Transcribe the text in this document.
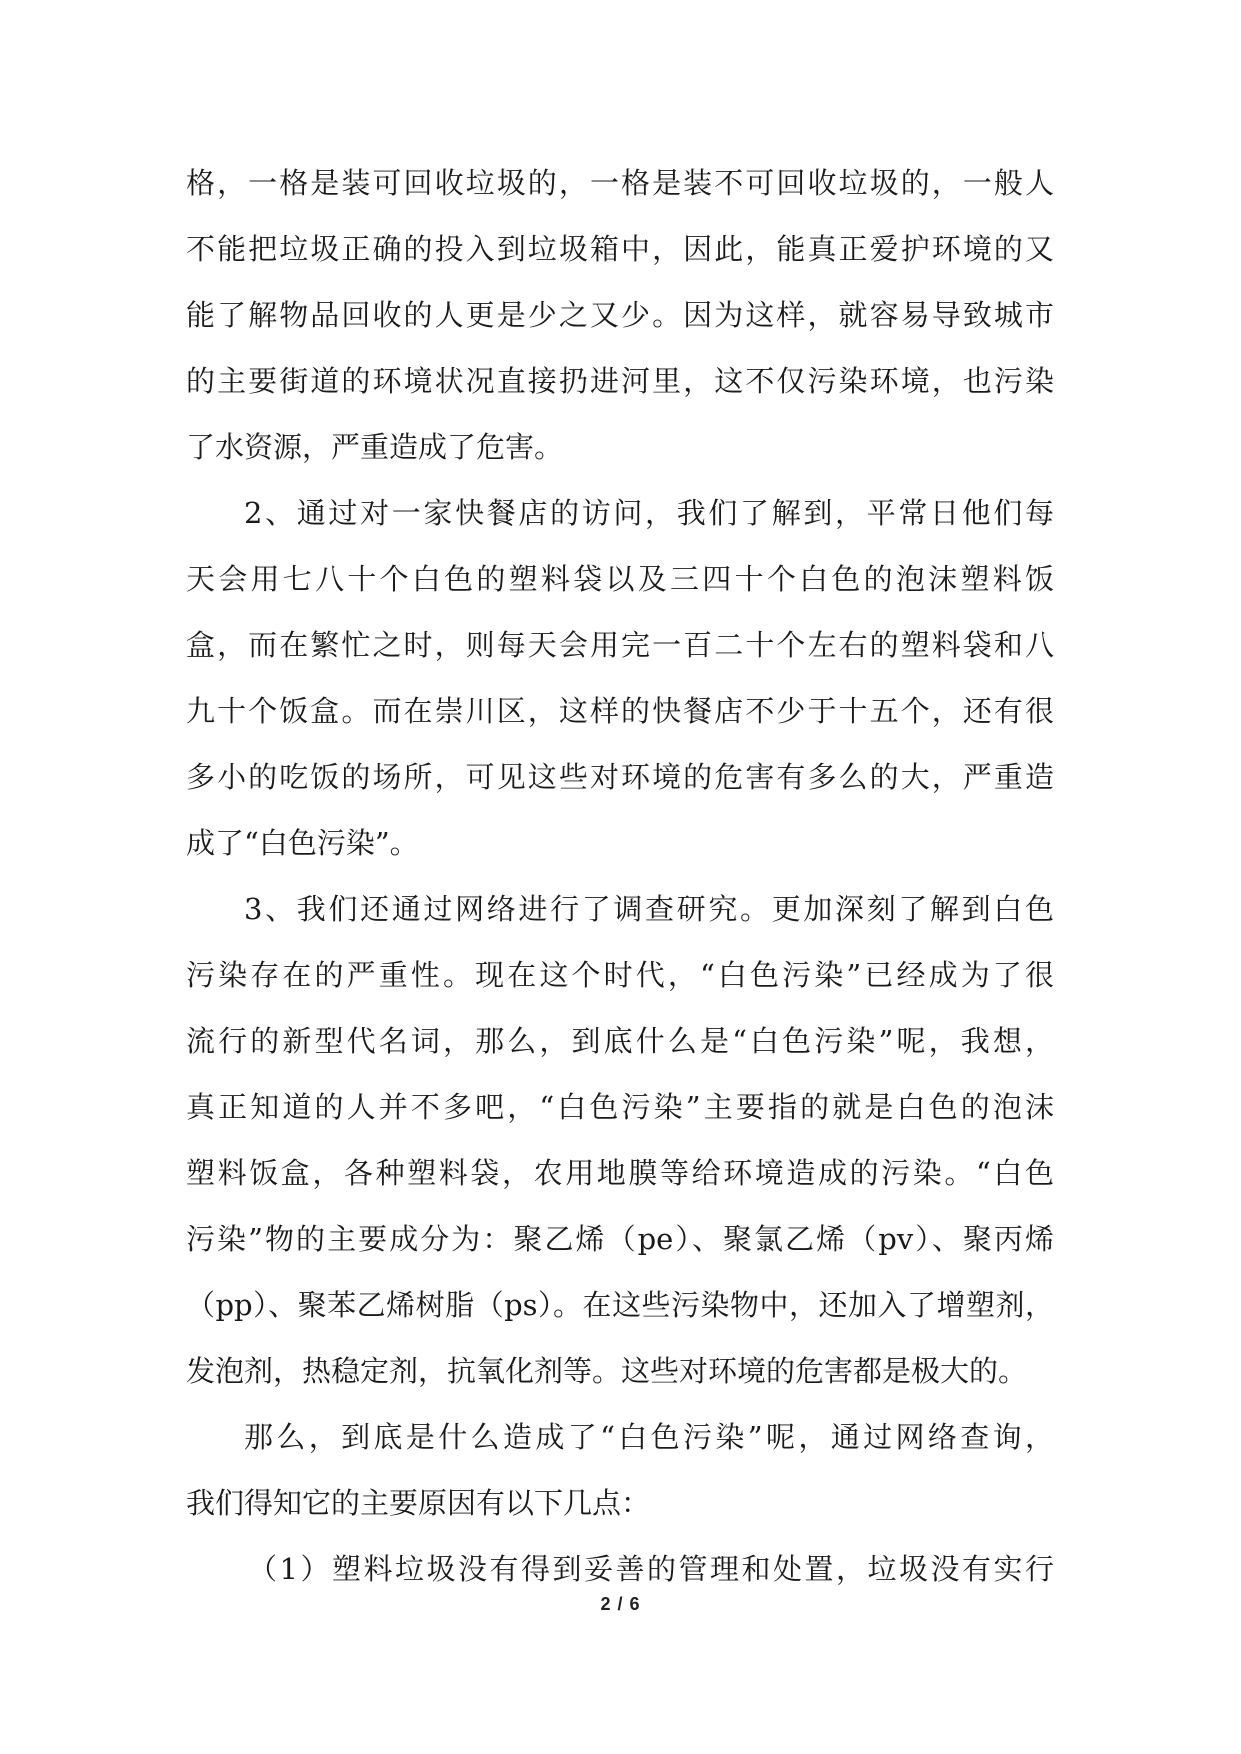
格，一格是装可回收垃圾的，一格是装不可回收垃圾的，一般人
不能把垃圾正确的投入到垃圾箱中，因此，能真正爱护环境的又
能了解物品回收的人更是少之又少。因为这样，就容易导致城市
的主要街道的环境状况直接扔进河里，这不仅污染环境，也污染
了水资源，严重造成了危害。
2、通过对一家快餐店的访问，我们了解到，平常日他们每
天会用七八十个白色的塑料袋以及三四十个白色的泡沫塑料饭
盒，而在繁忙之时，则每天会用完一百二十个左右的塑料袋和八
九十个饭盒。而在崇川区，这样的快餐店不少于十五个，还有很
多小的吃饭的场所，可见这些对环境的危害有多么的大，严重造
成了“白色污染”。
3、我们还通过网络进行了调查研究。更加深刻了解到白色
污染存在的严重性。现在这个时代，“白色污染”已经成为了很
流行的新型代名词，那么，到底什么是“白色污染”呢，我想，
真正知道的人并不多吧，“白色污染”主要指的就是白色的泡沫
塑料饭盒，各种塑料袋，农用地膜等给环境造成的污染。“白色
污染”物的主要成分为：聚乙烯（pe）、聚氯乙烯（pv）、聚丙烯
（pp）、聚苯乙烯树脂（ps）。在这些污染物中，还加入了增塑剂，
发泡剂，热稳定剂，抗氧化剂等。这些对环境的危害都是极大的。
那么，到底是什么造成了“白色污染”呢，通过网络查询，
我们得知它的主要原因有以下几点：
（1）塑料垃圾没有得到妥善的管理和处置，垃圾没有实行
2 / 6
